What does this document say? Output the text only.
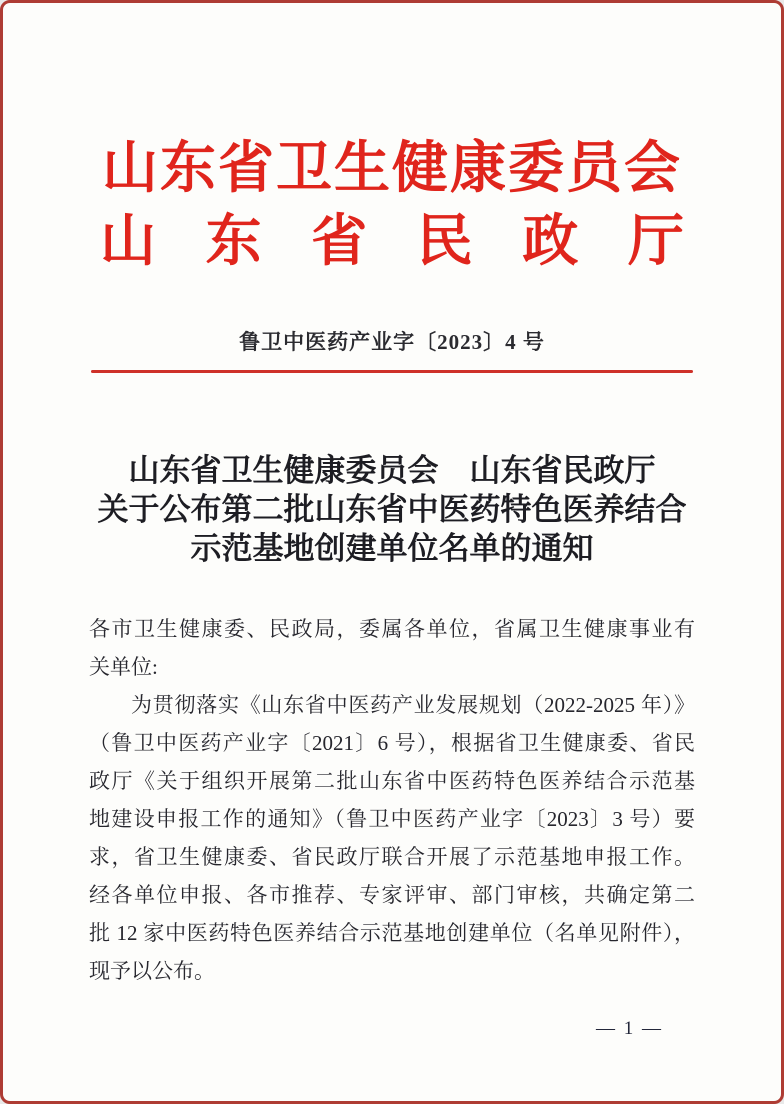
山东省卫生健康委员会
山东省民政厅
鲁卫中医药产业字〔2023〕4 号
山东省卫生健康委员会　山东省民政厅
关于公布第二批山东省中医药特色医养结合
示范基地创建单位名单的通知
各市卫生健康委、民政局，委属各单位，省属卫生健康事业有
关单位:
为贯彻落实《山东省中医药产业发展规划（2022-2025 年）》
（鲁卫中医药产业字〔2021〕6 号），根据省卫生健康委、省民
政厅《关于组织开展第二批山东省中医药特色医养结合示范基
地建设申报工作的通知》（鲁卫中医药产业字〔2023〕3 号）要
求，省卫生健康委、省民政厅联合开展了示范基地申报工作。
经各单位申报、各市推荐、专家评审、部门审核，共确定第二
批 12 家中医药特色医养结合示范基地创建单位（名单见附件），
现予以公布。
— 1 —
